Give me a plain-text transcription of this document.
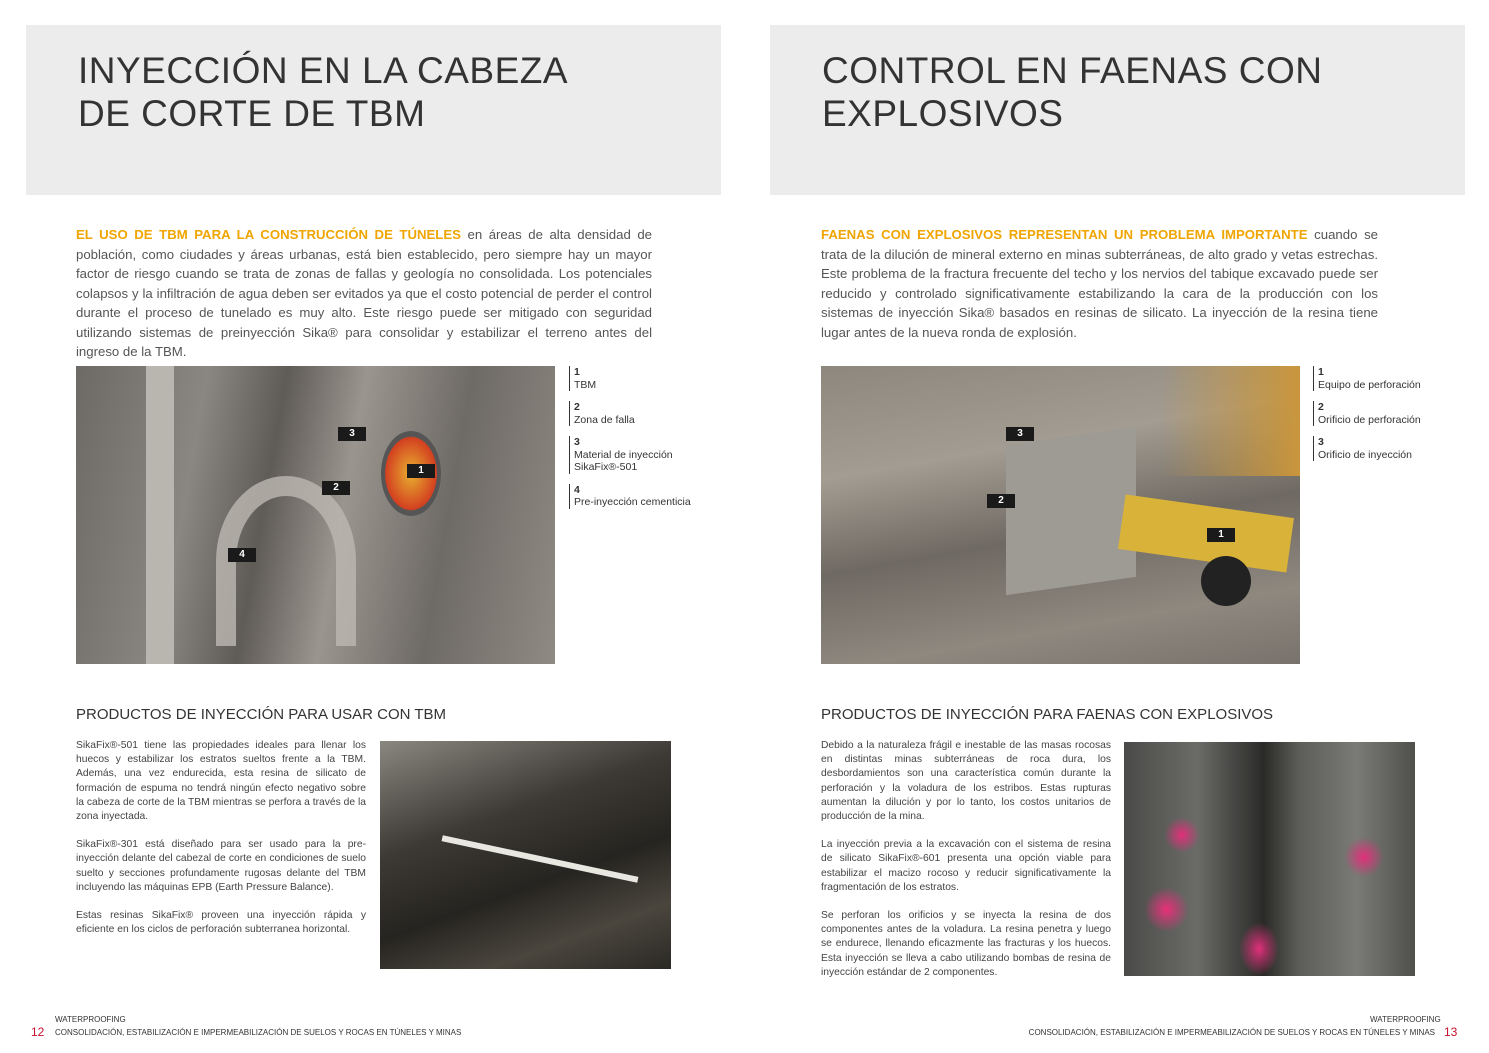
INYECCIÓN EN LA CABEZA
DE CORTE DE TBM
EL USO DE TBM PARA LA CONSTRUCCIÓN DE TÚNELES en áreas de alta densidad de población, como ciudades y áreas urbanas, está bien establecido, pero siempre hay un mayor factor de riesgo cuando se trata de zonas de fallas y geología no consolidada. Los potenciales colapsos y la infiltración de agua deben ser evitados ya que el costo potencial de perder el control durante el proceso de tunelado es muy alto. Este riesgo puede ser mitigado con seguridad utilizando sistemas de preinyección Sika® para consolidar y estabilizar el terreno antes del ingreso de la TBM.
1
2
3
4
1
TBM
2
Zona de falla
3
Material de inyección SikaFix®-501
4
Pre-inyección cementicia
PRODUCTOS DE INYECCIÓN PARA USAR CON TBM

SikaFix®-501 tiene las propiedades ideales para llenar los huecos y estabilizar los estratos sueltos frente a la TBM. Además, una vez endurecida, esta resina de silicato de formación de espuma no tendrá ningún efecto negativo sobre la cabeza de corte de la TBM mientras se perfora a través de la zona inyectada.

SikaFix®-301 está diseñado para ser usado para la pre-inyección delante del cabezal de corte en condiciones de suelo suelto y secciones profundamente rugosas delante del TBM incluyendo las máquinas EPB (Earth Pressure Balance).

Estas resinas SikaFix® proveen una inyección rápida y eficiente en los ciclos de perforación subterranea horizontal.

WATERPROOFING
12 CONSOLIDACIÓN, ESTABILIZACIÓN E IMPERMEABILIZACIÓN DE SUELOS Y ROCAS EN TÚNELES Y MINAS
CONTROL EN FAENAS CON
EXPLOSIVOS
FAENAS CON EXPLOSIVOS REPRESENTAN UN PROBLEMA IMPORTANTE cuando se trata de la dilución de mineral externo en minas subterráneas, de alto grado y vetas estrechas. Este problema de la fractura frecuente del techo y los nervios del tabique excavado puede ser reducido y controlado significativamente estabilizando la cara de la producción con los sistemas de inyección Sika® basados en resinas de silicato. La inyección de la resina tiene lugar antes de la nueva ronda de explosión.
1
2
3
1
Equipo de perforación
2
Orificio de perforación
3
Orificio de inyección
PRODUCTOS DE INYECCIÓN PARA FAENAS CON EXPLOSIVOS

Debido a la naturaleza frágil e inestable de las masas rocosas en distintas minas subterráneas de roca dura, los desbordamientos son una característica común durante la perforación y la voladura de los estribos. Estas rupturas aumentan la dilución y por lo tanto, los costos unitarios de producción de la mina.

La inyección previa a la excavación con el sistema de resina de silicato SikaFix®-601 presenta una opción viable para estabilizar el macizo rocoso y reducir significativamente la fragmentación de los estratos.

Se perforan los orificios y se inyecta la resina de dos componentes antes de la voladura. La resina penetra y luego se endurece, llenando eficazmente las fracturas y los huecos. Esta inyección se lleva a cabo utilizando bombas de resina de inyección estándar de 2 componentes.

WATERPROOFING
CONSOLIDACIÓN, ESTABILIZACIÓN E IMPERMEABILIZACIÓN DE SUELOS Y ROCAS EN TÚNELES Y MINAS 13
